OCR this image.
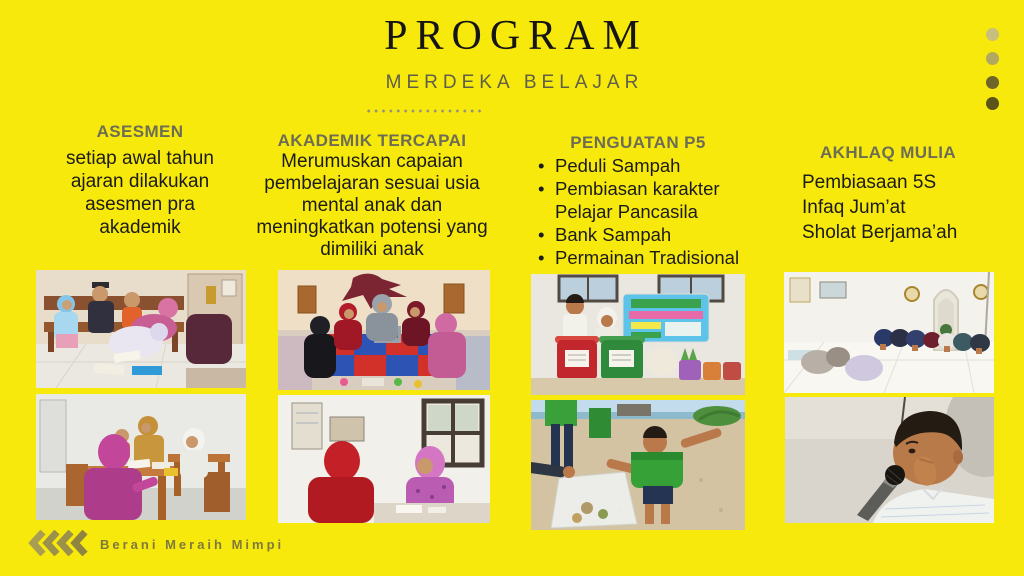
PROGRAM
MERDEKA BELAJAR
ASESMEN	AKADEMIK TERCAPAI	PENGUATAN P5
AKHLAQ MULIA
setiap awal tahun
ajaran dilakukan
asesmen pra
akademik
Merumuskan capaian
pembelajaran sesuai usia
mental anak dan
meningkatkan potensi yang
dimiliki anak
• Peduli Sampah
• Pembiasan karakter Pelajar Pancasila
• Bank Sampah
• Permainan Tradisional
Pembiasaan 5S
Infaq Jum’at
Sholat Berjama’ah
Berani Meraih Mimpi
